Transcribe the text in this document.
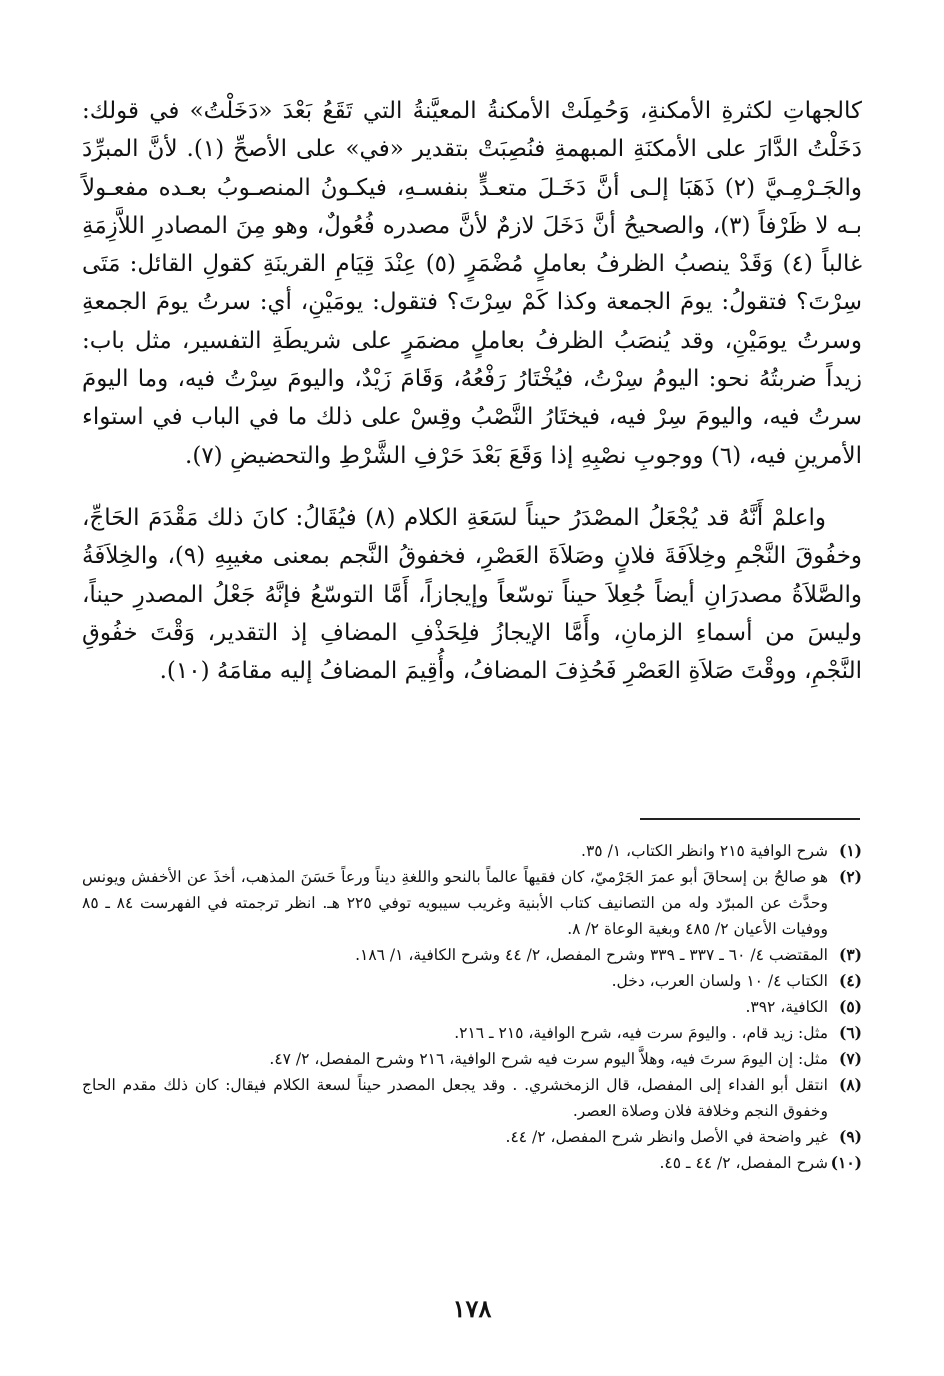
كالجهاتِ لكثرةِ الأمكنةِ، وَحُمِلَتْ الأمكنةُ المعيَّنةُ التي تَقَعُ بَعْدَ «دَخَلْتُ» في قولك: دَخَلْتُ الدَّارَ على الأمكنَةِ المبهمةِ فنُصِبَتْ بتقدير «في» على الأصحِّ (١). لأنَّ المبرِّدَ والجَـرْمِـيَّ (٢) ذَهَبَا إلـى أنَّ دَخَـلَ متعـدٍّ بنفسـهِ، فيكـونُ المنصـوبُ بعـده مفعـولاً بـه لا ظَرْفاً (٣)، والصحيحُ أنَّ دَخَلَ لازمٌ لأنَّ مصدره فُعُولٌ، وهو مِنَ المصادرِ اللاَّزِمَةِ غالباً (٤) وَقَدْ ينصبُ الظرفُ بعاملٍ مُضْمَرٍ (٥) عِنْدَ قِيَامِ القرينَةِ كقولِ القائل: مَتَى سِرْتَ؟ فتقولُ: يومَ الجمعة وكذا كَمْ سِرْتَ؟ فتقول: يومَيْنِ، أي: سرتُ يومَ الجمعةِ وسرتُ يومَيْنِ، وقد يُنصَبُ الظرفُ بعاملٍ مضمَرٍ على شريطَةِ التفسير، مثل باب: زيداً ضربتُهُ نحو: اليومُ سِرْتُ، فيُخْتَارُ رَفْعُهُ، وَقَامَ زَيْدٌ، واليومَ سِرْتُ فيه، وما اليومَ سرتُ فيه، واليومَ سِرْ فيه، فيختَارُ النَّصْبُ وقِسْ على ذلك ما في الباب في استواء الأمرينِ فيه، (٦) ووجوبِ نصْبِهِ إذا وَقَعَ بَعْدَ حَرْفِ الشَّرْطِ والتحضيضِ (٧).

واعلمْ أَنَّهُ قد يُجْعَلُ المصْدَرُ حيناً لسَعَةِ الكلام (٨) فيُقَالُ: كانَ ذلك مَقْدَمَ الحَاجِّ، وخفُوقَ النَّجْمِ وخِلاَفَةَ فلانٍ وصَلاَةَ العَصْرِ، فخفوقُ النَّجم بمعنى مغيبِهِ (٩)، والخِلاَفَةُ والصَّلاَةُ مصدرَانِ أيضاً جُعِلاَ حيناً توسّعاً وإيجازاً، أَمَّا التوسّعُ فإنَّهُ جَعْلُ المصدرِ حيناً، وليسَ من أسماءِ الزمانِ، وأَمَّا الإيجازُ فلِحَذْفِ المضافِ إذ التقدير، وَقْتَ خفُوقِ النَّجْمِ، ووقْتَ صَلاَةِ العَصْرِ فَحُذِفَ المضافُ، وأُقِيمَ المضافُ إليه مقامَهُ (١٠).

(١)
شرح الوافية ٢١٥ وانظر الكتاب، ١/ ٣٥.
(٢)
هو صالحُ بن إسحاقَ أبو عمرَ الجَرْميّ، كان فقيهاً عالماً بالنحو واللغةِ ديناً ورعاً حَسَنَ المذهب، أخذَ عن الأخفش ويونس وحدَّث عن المبرّد وله من التصانيف كتاب الأبنية وغريب سيبويه توفي ٢٢٥ هـ. انظر ترجمته في الفهرست ٨٤ ـ ٨٥ ووفيات الأعيان ٢/ ٤٨٥ وبغية الوعاة ٢/ ٨.
(٣)
المقتضب ٤/ ٦٠ ـ ٣٣٧ ـ ٣٣٩ وشرح المفصل، ٢/ ٤٤ وشرح الكافية، ١/ ١٨٦.
(٤)
الكتاب ٤/ ١٠ ولسان العرب، دخل.
(٥)
الكافية، ٣٩٢.
(٦)
مثل: زيد قام، . واليومَ سرت فيه، شرح الوافية، ٢١٥ ـ ٢١٦.
(٧)
مثل: إن اليومَ سرتَ فيه، وهلاَّ اليوم سرت فيه شرح الوافية، ٢١٦ وشرح المفصل، ٢/ ٤٧.
(٨)
انتقل أبو الفداء إلى المفصل، قال الزمخشري. . وقد يجعل المصدر حيناً لسعة الكلام فيقال: كان ذلك مقدم الحاج وخفوق النجم وخلافة فلان وصلاة العصر.
(٩)
غير واضحة في الأصل وانظر شرح المفصل، ٢/ ٤٤.
(١٠)
شرح المفصل، ٢/ ٤٤ ـ ٤٥.
١٧٨
